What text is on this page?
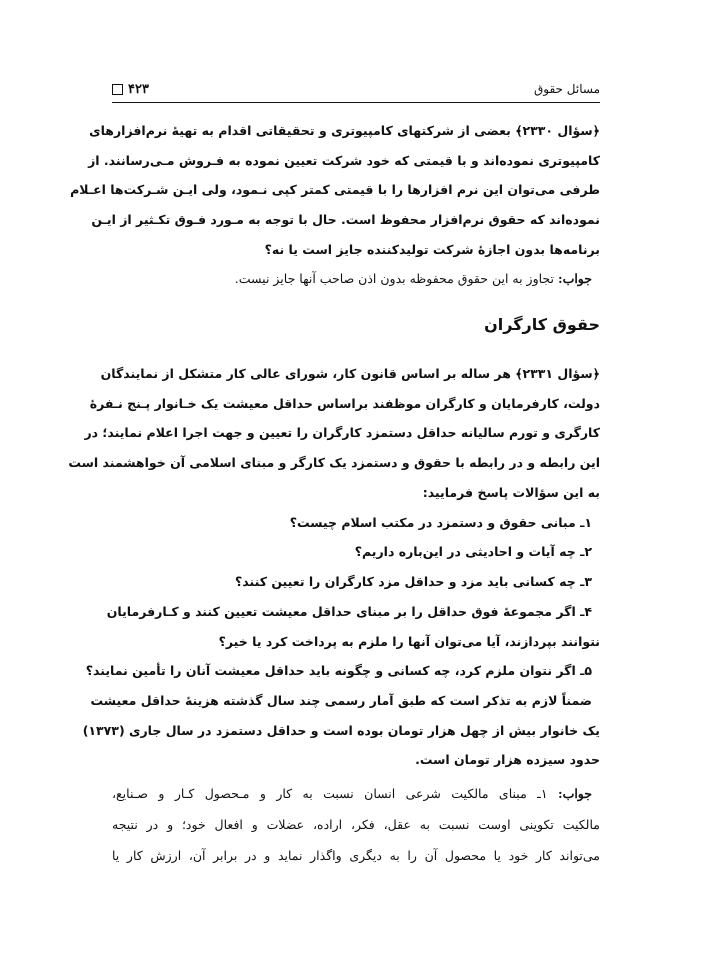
مسائل حقوق
۴۲۳
﴿سؤال ۲۳۳۰﴾ بعضی از شرکتهای کامپیوتری و تحقیقاتی اقدام به تهیهٔ نرم‌افزارهای
کامپیوتری نموده‌اند و با قیمتی که خود شرکت تعیین نموده به فـروش مـی‌رسانند. از
طرفی می‌توان این نرم افزارها را با قیمتی کمتر کپی نـمود، ولی ایـن شـرکت‌ها اعـلام
نموده‌اند که حقوق نرم‌افزار محفوظ است. حال با توجه به مـورد فـوق تکـثیر از ایـن
برنامه‌ها بدون اجازهٔ شرکت تولیدکننده جایز است یا نه؟
جواب: تجاوز به این حقوق محفوظه بدون اذن صاحب آنها جایز نیست.
حقوق کارگران
﴿سؤال ۲۳۳۱﴾ هر ساله بر اساس قانون کار، شورای عالی کار متشکل از نمایندگان
دولت، کارفرمایان و کارگران موظفند براساس حداقل معیشت یک خـانوار پـنج نـفرهٔ
کارگری و تورم سالیانه حداقل دستمزد کارگران را تعیین و جهت اجرا اعلام نمایند؛ در
این رابطه و در رابطه با حقوق و دستمزد یک کارگر و مبنای اسلامی آن خواهشمند است
به این سؤالات پاسخ فرمایید:
۱ـ مبانی حقوق و دستمزد در مکتب اسلام چیست؟
۲ـ چه آیات و احادیثی در این‌باره داریم؟
۳ـ چه کسانی باید مزد و حداقل مزد کارگران را تعیین کنند؟
۴ـ اگر مجموعهٔ فوق حداقل را بر مبنای حداقل معیشت تعیین کنند و کـارفرمایان
نتوانند بپردازند، آیا می‌توان آنها را ملزم به پرداخت کرد یا خیر؟
۵ـ اگر نتوان ملزم کرد، چه کسانی و چگونه باید حداقل معیشت آنان را تأمین نمایند؟
ضمناً لازم به تذکر است که طبق آمار رسمی چند سال گذشته هزینهٔ حداقل معیشت
یک خانوار بیش از چهل هزار تومان بوده است و حداقل دستمزد در سال جاری (۱۳۷۳)
حدود سیزده هزار تومان است.
جواب: ۱ـ مبنای مالکیت شرعی انسان نسبت به کار و مـحصول کـار و صـنایع،
مالکیت تکوینی اوست نسبت به عقل، فکر، اراده، عضلات و افعال خود؛ و در نتیجه
می‌تواند کار خود یا محصول آن را به دیگری واگذار نماید و در برابر آن، ارزش کار یا
